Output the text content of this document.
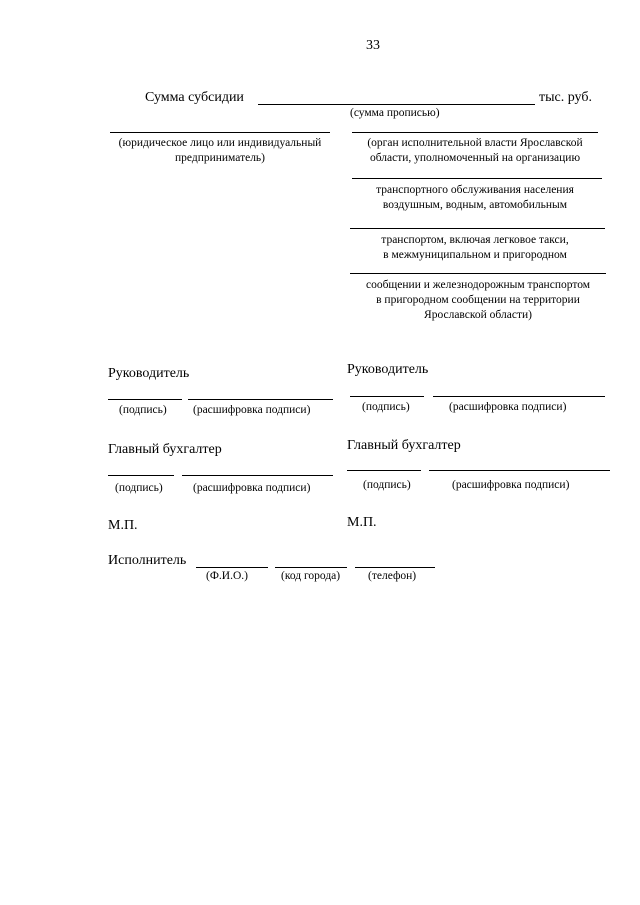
33
Сумма субсидии	тыс. руб.
(сумма прописью)
(юридическое лицо или индивидуальный
предприниматель)
(орган исполнительной власти Ярославской
области, уполномоченный на организацию
транспортного обслуживания населения
воздушным, водным, автомобильным
транспортом, включая легковое такси,
в межмуниципальном и пригородном
сообщении и железнодорожным транспортом
в пригородном сообщении на территории
Ярославской области)
Руководитель
(подпись) (расшифровка подписи)
Руководитель
(подпись)	(расшифровка подписи)
Главный бухгалтер
(подпись)	(расшифровка подписи)
Главный бухгалтер
(подпись)	(расшифровка подписи)
М.П.	М.П.
Исполнитель
(Ф.И.О.)	(код города) (телефон)
